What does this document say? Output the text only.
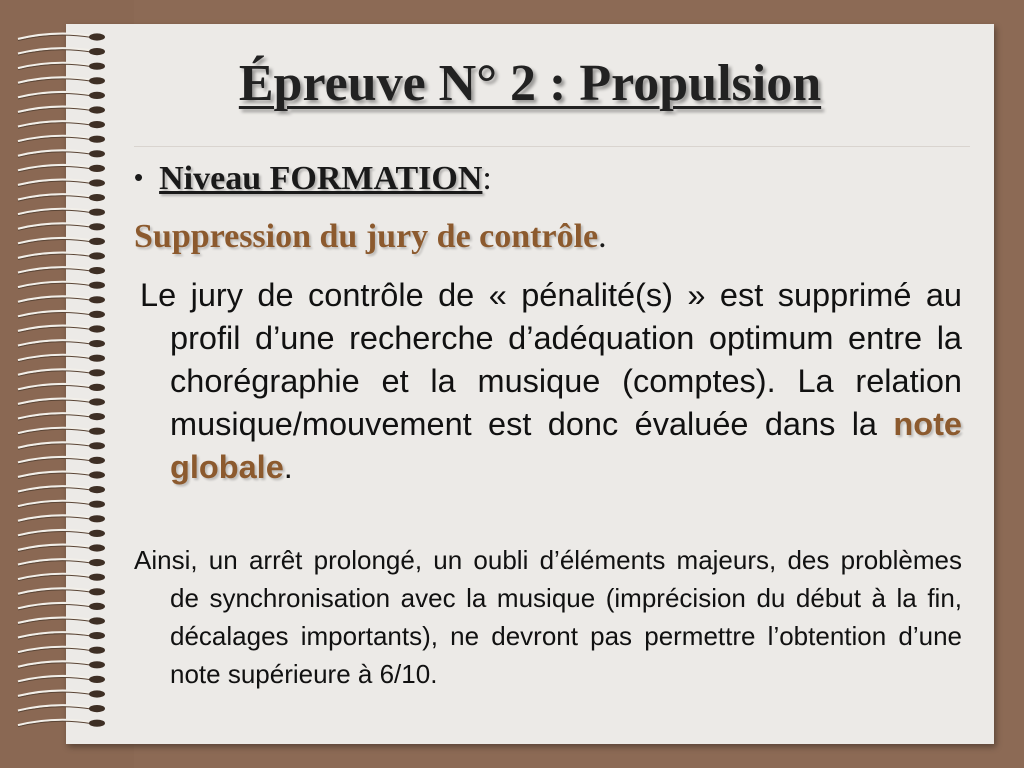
Épreuve N° 2 : Propulsion
• Niveau FORMATION:
Suppression du jury de contrôle.

Le jury de contrôle de « pénalité(s) » est supprimé au profil d’une recherche d’adéquation optimum entre la chorégraphie et la musique (comptes). La relation musique/mouvement est donc évaluée dans la note globale.

Ainsi, un arrêt prolongé, un oubli d’éléments majeurs, des problèmes de synchronisation avec la musique (imprécision du début à la fin, décalages importants), ne devront pas permettre l’obtention d’une note supérieure à 6/10.
